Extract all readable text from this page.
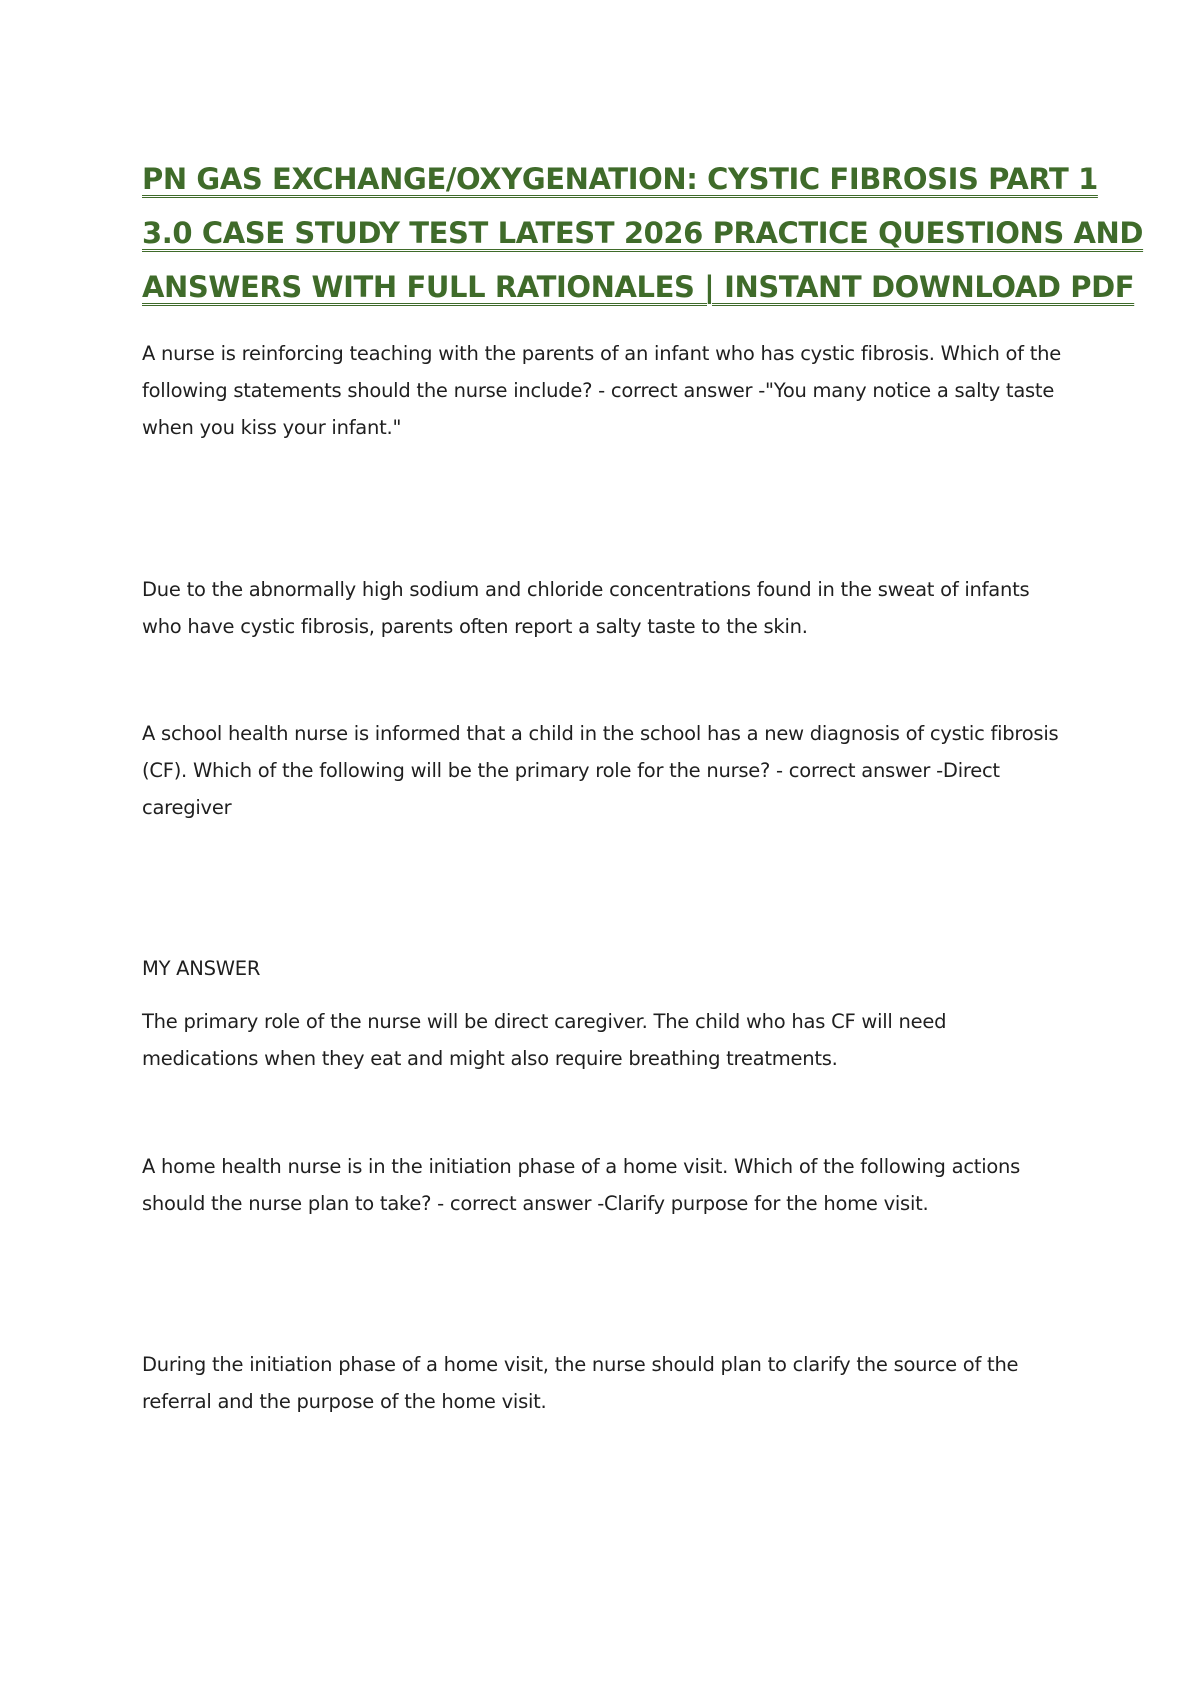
PN GAS EXCHANGE/OXYGENATION: CYSTIC FIBROSIS PART 1
3.0 CASE STUDY TEST LATEST 2026 PRACTICE QUESTIONS AND
ANSWERS WITH FULL RATIONALES | INSTANT DOWNLOAD PDF

A nurse is reinforcing teaching with the parents of an infant who has cystic fibrosis. Which of the
following statements should the nurse include? - correct answer -"You many notice a salty taste
when you kiss your infant."

Due to the abnormally high sodium and chloride concentrations found in the sweat of infants
who have cystic fibrosis, parents often report a salty taste to the skin.

A school health nurse is informed that a child in the school has a new diagnosis of cystic fibrosis
(CF). Which of the following will be the primary role for the nurse? - correct answer -Direct
caregiver

MY ANSWER

The primary role of the nurse will be direct caregiver. The child who has CF will need
medications when they eat and might also require breathing treatments.

A home health nurse is in the initiation phase of a home visit. Which of the following actions
should the nurse plan to take? - correct answer -Clarify purpose for the home visit.

During the initiation phase of a home visit, the nurse should plan to clarify the source of the
referral and the purpose of the home visit.
